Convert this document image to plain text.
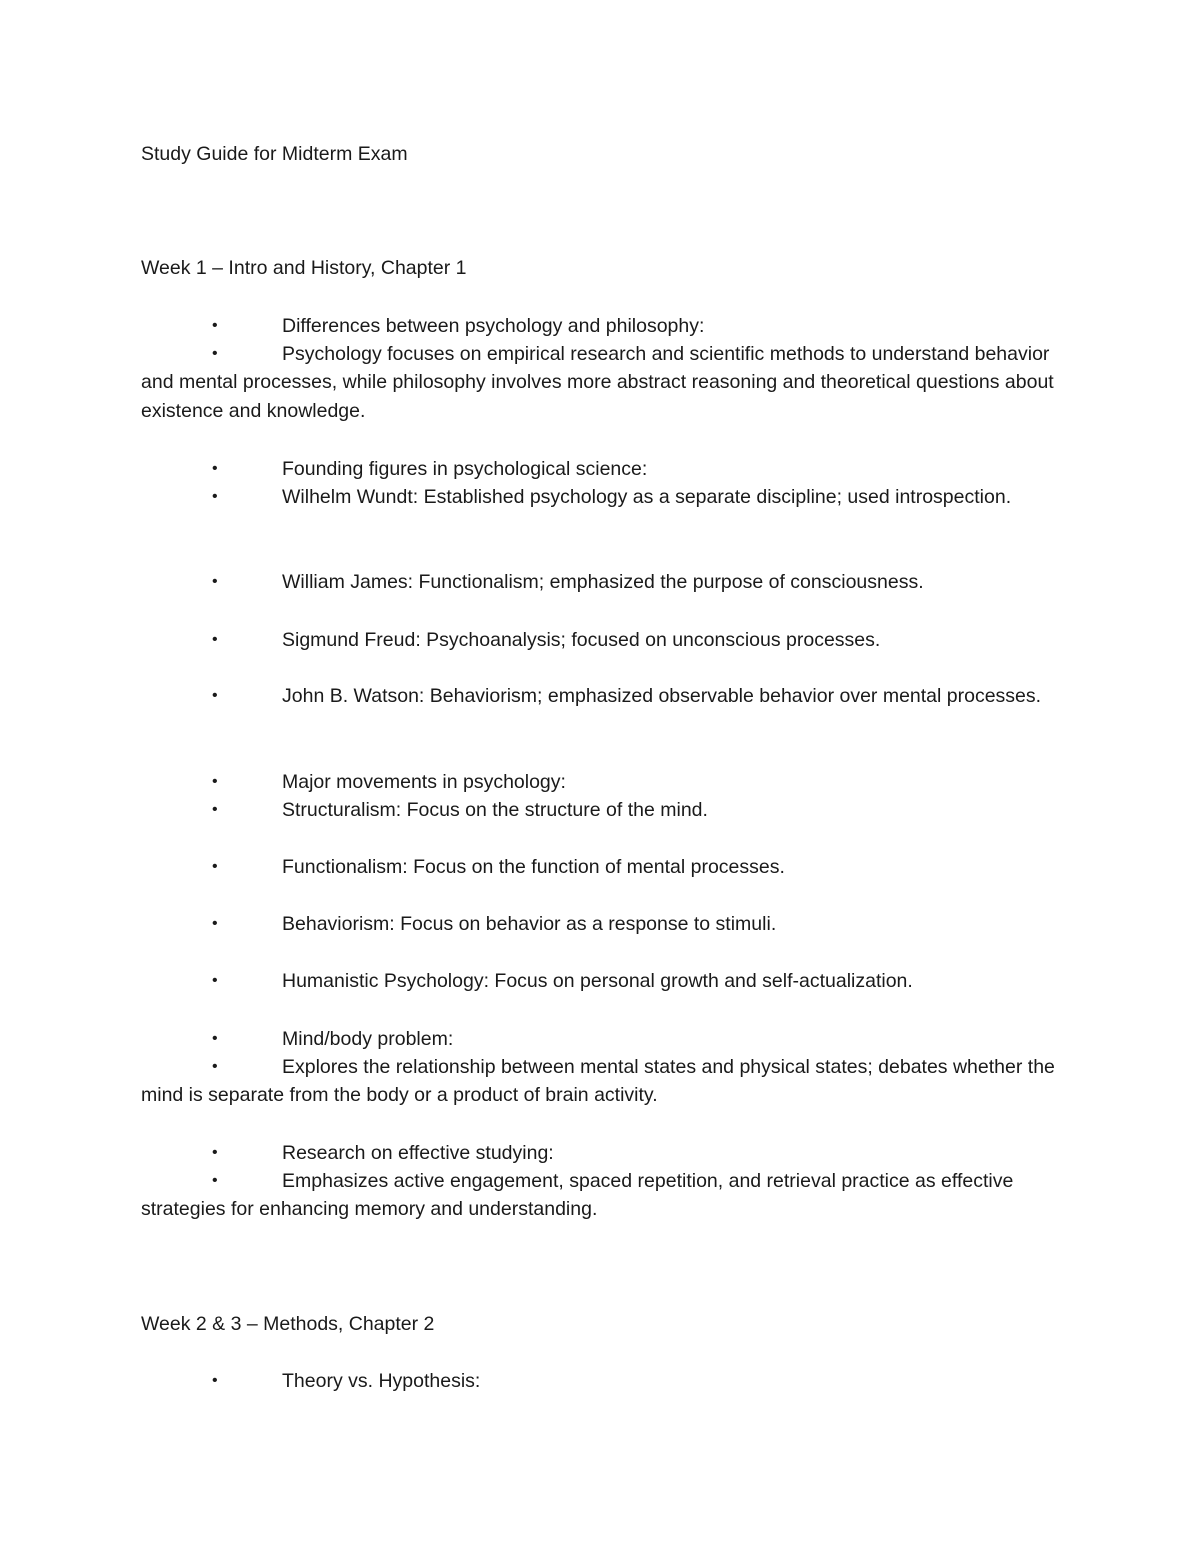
Study Guide for Midterm Exam
Week 1 – Intro and History, Chapter 1
•	Differences between psychology and philosophy:
•	Psychology focuses on empirical research and scientific methods to understand behavior and mental processes, while philosophy involves more abstract reasoning and theoretical questions about existence and knowledge.
•	Founding figures in psychological science:
•	Wilhelm Wundt: Established psychology as a separate discipline; used introspection.
•	William James: Functionalism; emphasized the purpose of consciousness.
•	Sigmund Freud: Psychoanalysis; focused on unconscious processes.
•	John B. Watson: Behaviorism; emphasized observable behavior over mental processes.
•	Major movements in psychology:
•	Structuralism: Focus on the structure of the mind.
•	Functionalism: Focus on the function of mental processes.
•	Behaviorism: Focus on behavior as a response to stimuli.
•	Humanistic Psychology: Focus on personal growth and self-actualization.
•	Mind/body problem:
•	Explores the relationship between mental states and physical states; debates whether the mind is separate from the body or a product of brain activity.
•	Research on effective studying:
•	Emphasizes active engagement, spaced repetition, and retrieval practice as effective strategies for enhancing memory and understanding.
Week 2 & 3 – Methods, Chapter 2
•	Theory vs. Hypothesis:
